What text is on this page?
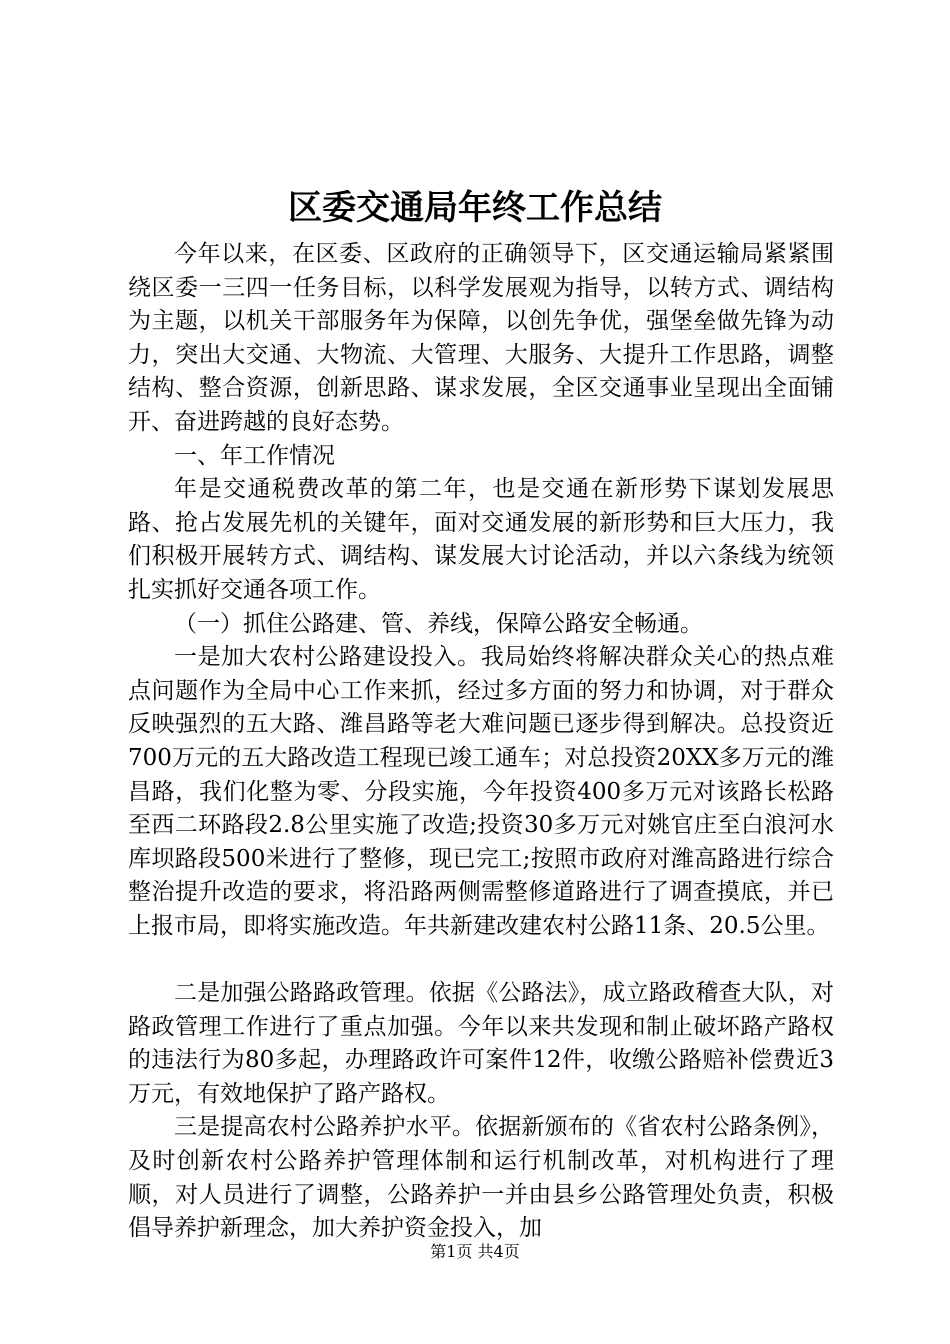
区委交通局年终工作总结

今年以来，在区委、区政府的正确领导下，区交通运输局紧紧围绕区委一三四一任务目标，以科学发展观为指导，以转方式、调结构为主题，以机关干部服务年为保障，以创先争优，强堡垒做先锋为动力，突出大交通、大物流、大管理、大服务、大提升工作思路，调整结构、整合资源，创新思路、谋求发展，全区交通事业呈现出全面铺开、奋进跨越的良好态势。

一、年工作情况

年是交通税费改革的第二年，也是交通在新形势下谋划发展思路、抢占发展先机的关键年，面对交通发展的新形势和巨大压力，我们积极开展转方式、调结构、谋发展大讨论活动，并以六条线为统领扎实抓好交通各项工作。

（一）抓住公路建、管、养线，保障公路安全畅通。

一是加大农村公路建设投入。我局始终将解决群众关心的热点难点问题作为全局中心工作来抓，经过多方面的努力和协调，对于群众反映强烈的五大路、潍昌路等老大难问题已逐步得到解决。总投资近700万元的五大路改造工程现已竣工通车；对总投资20XX多万元的潍昌路，我们化整为零、分段实施，今年投资400多万元对该路长松路至西二环路段2.8公里实施了改造;投资30多万元对姚官庄至白浪河水库坝路段500米进行了整修，现已完工;按照市政府对潍高路进行综合整治提升改造的要求，将沿路两侧需整修道路进行了调查摸底，并已上报市局，即将实施改造。年共新建改建农村公路11条、20.5公里。

二是加强公路路政管理。依据《公路法》，成立路政稽查大队，对路政管理工作进行了重点加强。今年以来共发现和制止破坏路产路权的违法行为80多起，办理路政许可案件12件，收缴公路赔补偿费近3万元，有效地保护了路产路权。

三是提高农村公路养护水平。依据新颁布的《省农村公路条例》，及时创新农村公路养护管理体制和运行机制改革，对机构进行了理顺，对人员进行了调整，公路养护一并由县乡公路管理处负责，积极倡导养护新理念，加大养护资金投入，加

第1页 共4页
